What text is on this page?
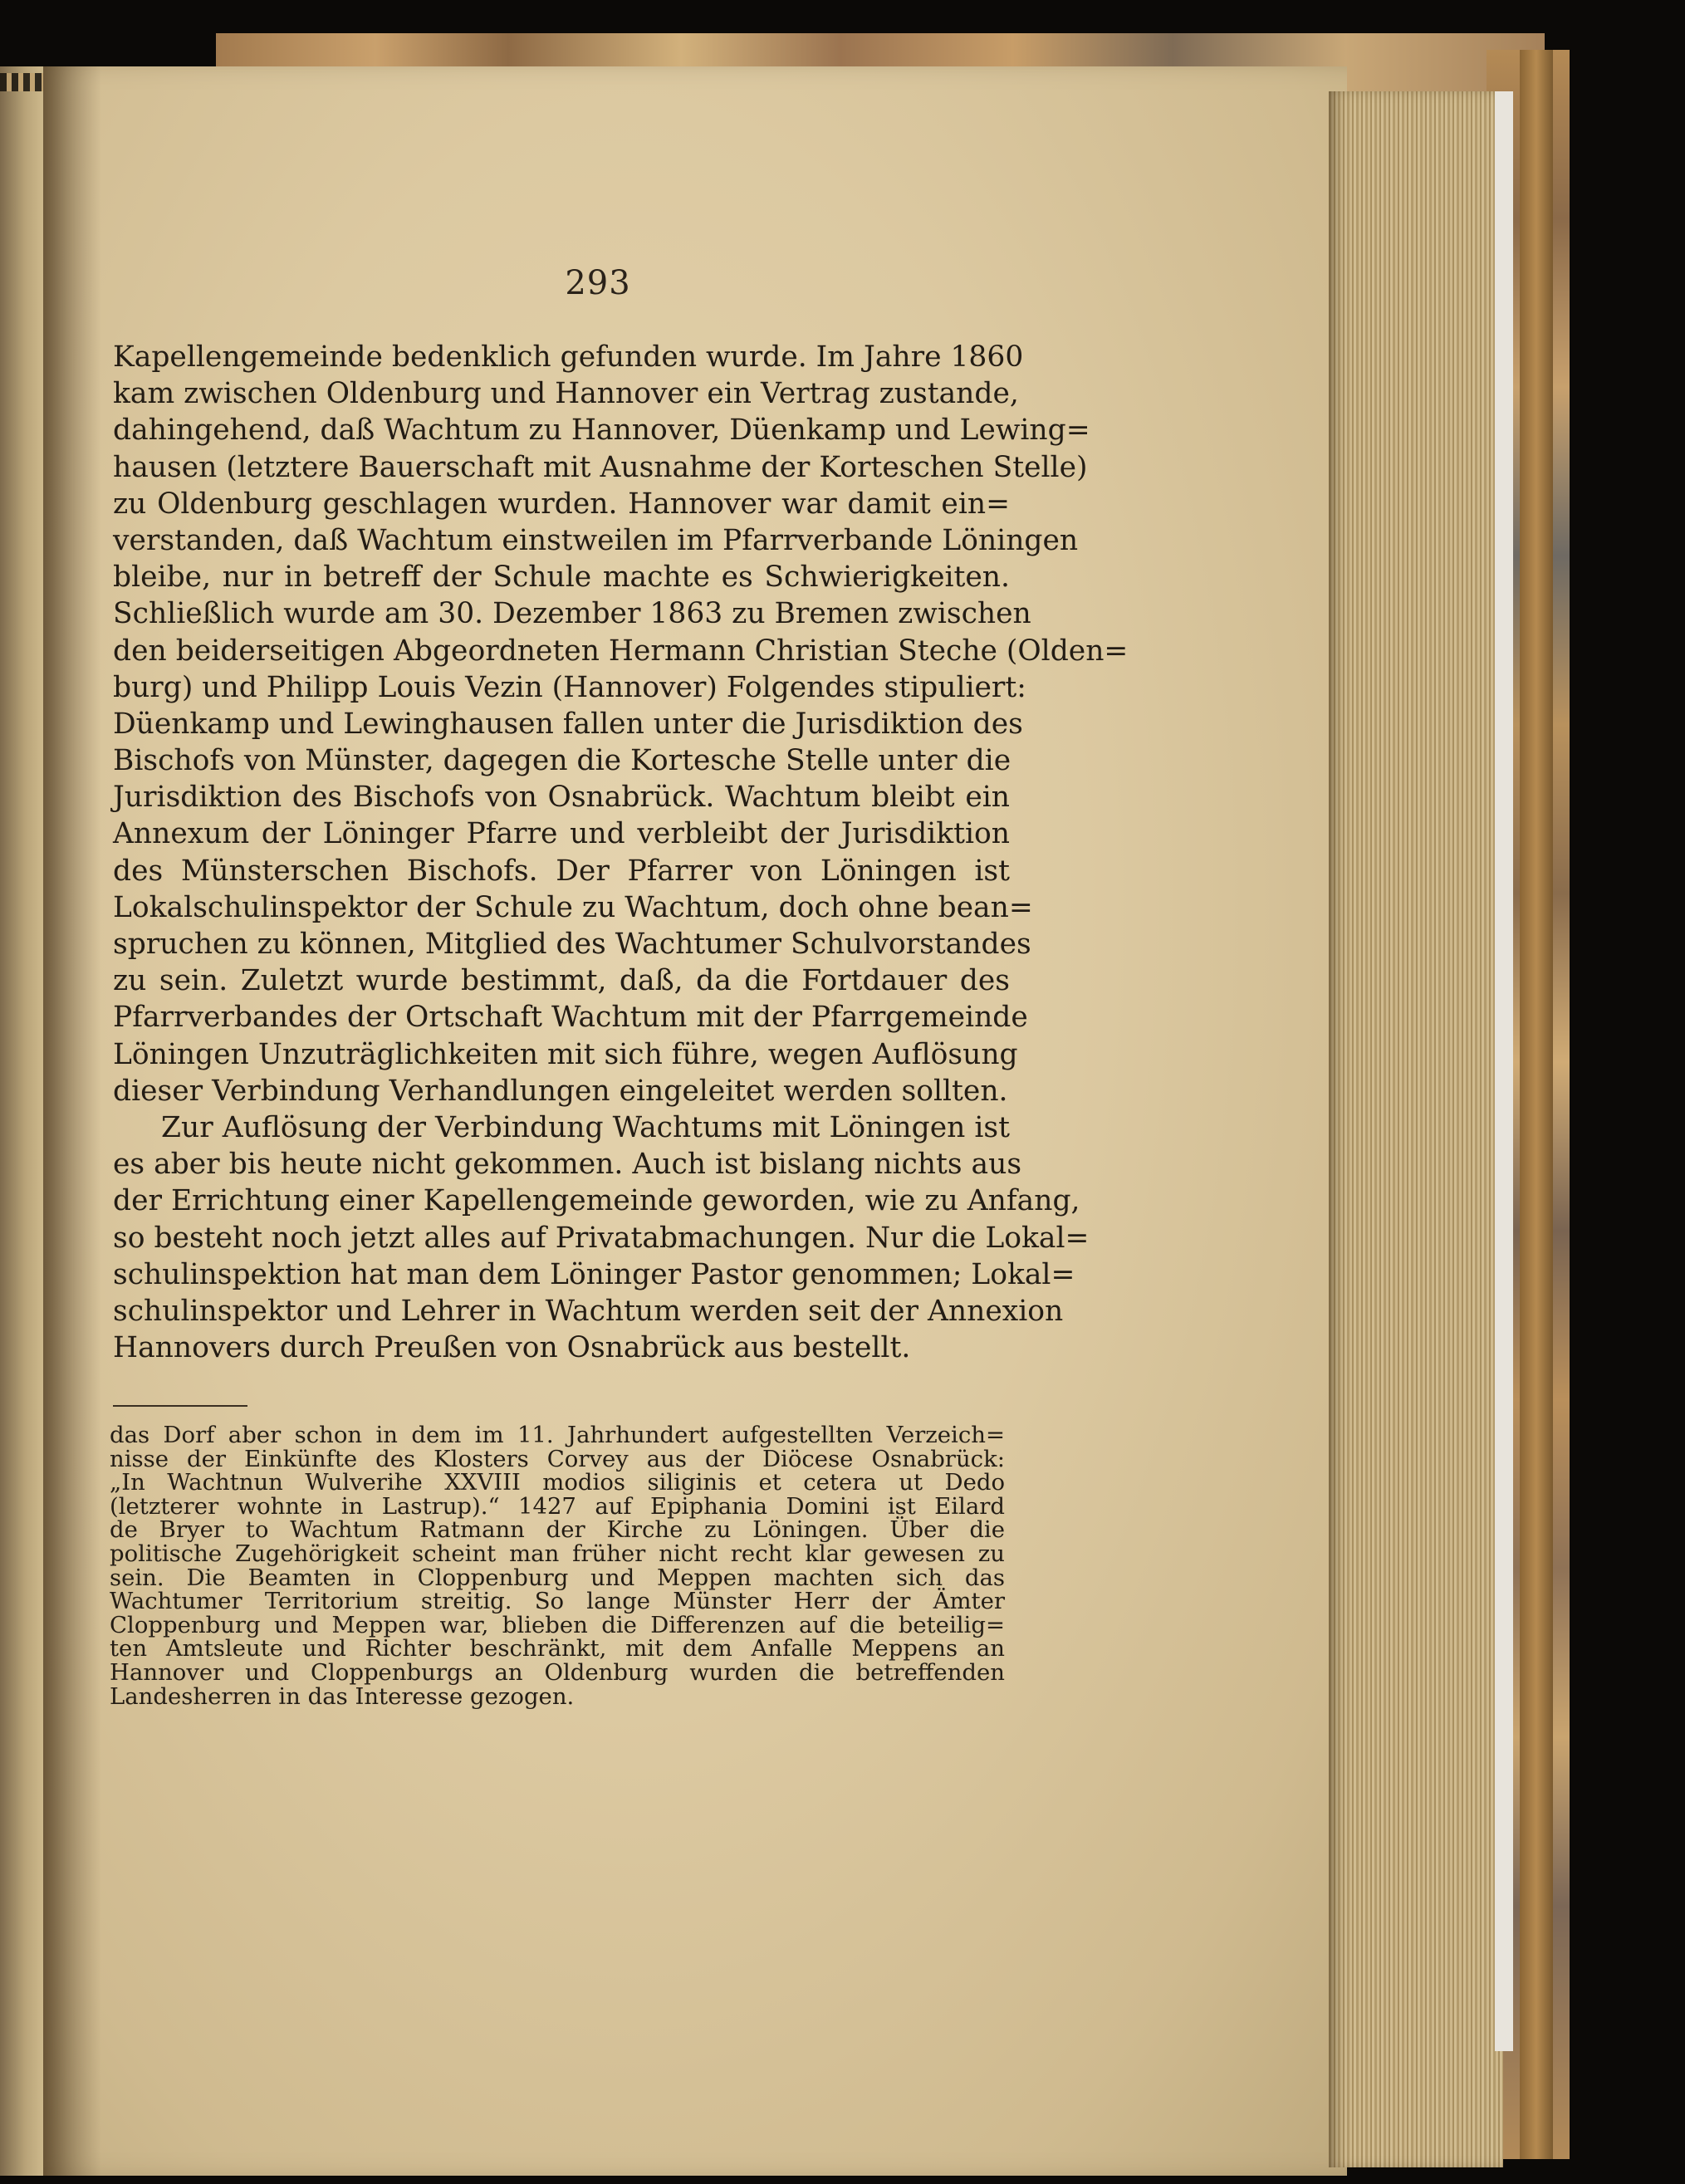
293
Kapellengemeinde bedenklich gefunden wurde. Im Jahre 1860
kam zwischen Oldenburg und Hannover ein Vertrag zustande,
dahingehend, daß Wachtum zu Hannover, Düenkamp und Lewing=
hausen (letztere Bauerschaft mit Ausnahme der Korteschen Stelle)
zu Oldenburg geschlagen wurden. Hannover war damit ein=
verstanden, daß Wachtum einstweilen im Pfarrverbande Löningen
bleibe, nur in betreff der Schule machte es Schwierigkeiten.
Schließlich wurde am 30. Dezember 1863 zu Bremen zwischen
den beiderseitigen Abgeordneten Hermann Christian Steche (Olden=
burg) und Philipp Louis Vezin (Hannover) Folgendes stipuliert:
Düenkamp und Lewinghausen fallen unter die Jurisdiktion des
Bischofs von Münster, dagegen die Kortesche Stelle unter die
Jurisdiktion des Bischofs von Osnabrück. Wachtum bleibt ein
Annexum der Löninger Pfarre und verbleibt der Jurisdiktion
des Münsterschen Bischofs. Der Pfarrer von Löningen ist
Lokalschulinspektor der Schule zu Wachtum, doch ohne bean=
spruchen zu können, Mitglied des Wachtumer Schulvorstandes
zu sein. Zuletzt wurde bestimmt, daß, da die Fortdauer des
Pfarrverbandes der Ortschaft Wachtum mit der Pfarrgemeinde
Löningen Unzuträglichkeiten mit sich führe, wegen Auflösung
dieser Verbindung Verhandlungen eingeleitet werden sollten.
Zur Auflösung der Verbindung Wachtums mit Löningen ist
es aber bis heute nicht gekommen. Auch ist bislang nichts aus
der Errichtung einer Kapellengemeinde geworden, wie zu Anfang,
so besteht noch jetzt alles auf Privatabmachungen. Nur die Lokal=
schulinspektion hat man dem Löninger Pastor genommen; Lokal=
schulinspektor und Lehrer in Wachtum werden seit der Annexion
Hannovers durch Preußen von Osnabrück aus bestellt.
das Dorf aber schon in dem im 11. Jahrhundert aufgestellten Verzeich=
nisse der Einkünfte des Klosters Corvey aus der Diöcese Osnabrück:
„In Wachtnun Wulverihe XXVIII modios siliginis et cetera ut Dedo
(letzterer wohnte in Lastrup).“ 1427 auf Epiphania Domini ist Eilard
de Bryer to Wachtum Ratmann der Kirche zu Löningen. Über die
politische Zugehörigkeit scheint man früher nicht recht klar gewesen zu
sein. Die Beamten in Cloppenburg und Meppen machten sich das
Wachtumer Territorium streitig. So lange Münster Herr der Ämter
Cloppenburg und Meppen war, blieben die Differenzen auf die beteilig=
ten Amtsleute und Richter beschränkt, mit dem Anfalle Meppens an
Hannover und Cloppenburgs an Oldenburg wurden die betreffenden
Landesherren in das Interesse gezogen.
